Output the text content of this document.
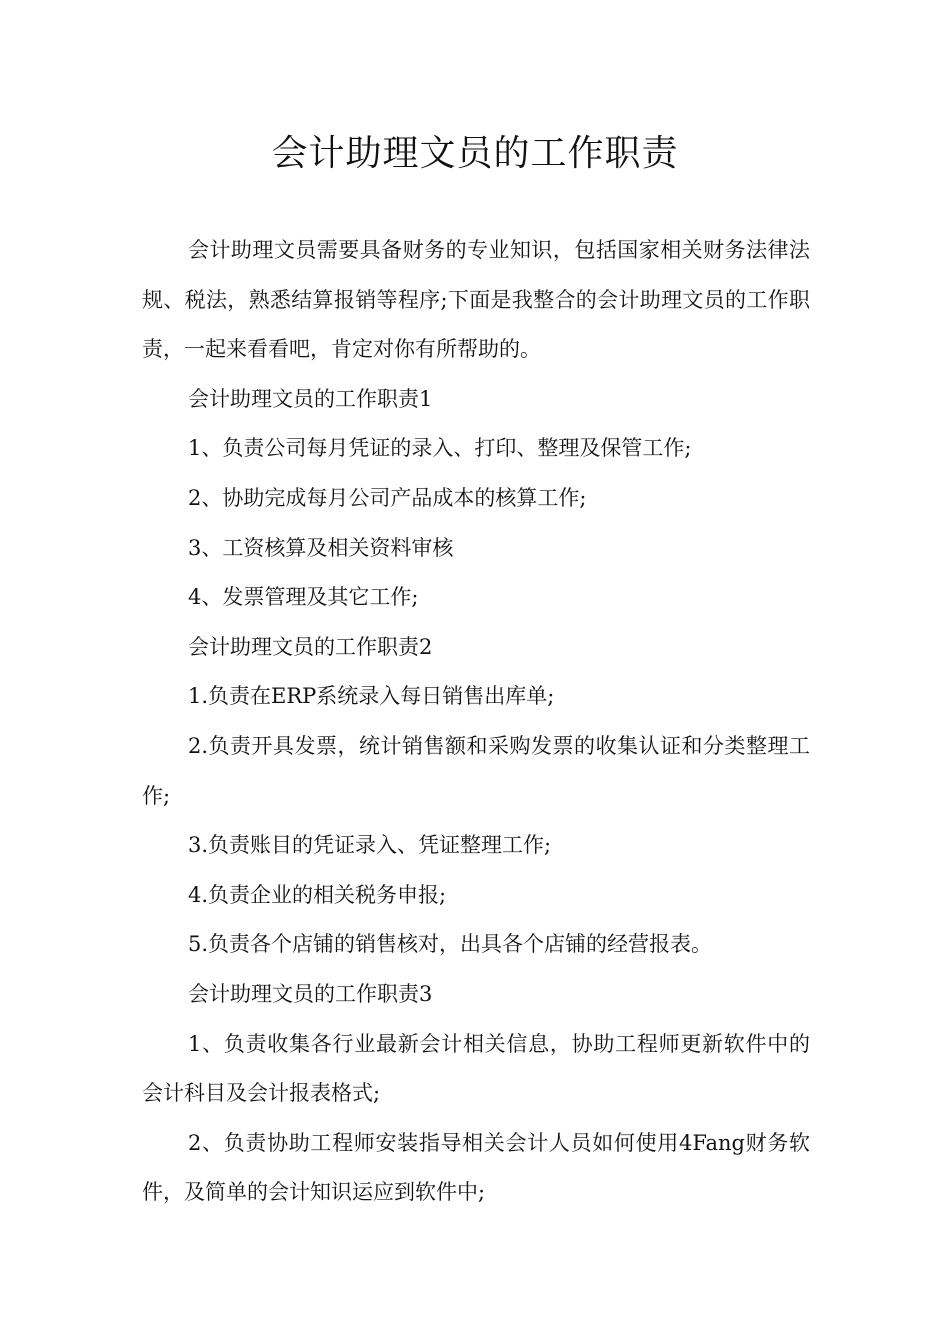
会计助理文员的工作职责

会计助理文员需要具备财务的专业知识，包括国家相关财务法律法规、税法，熟悉结算报销等程序;下面是我整合的会计助理文员的工作职责，一起来看看吧，肯定对你有所帮助的。

会计助理文员的工作职责1

1、负责公司每月凭证的录入、打印、整理及保管工作;

2、协助完成每月公司产品成本的核算工作;

3、工资核算及相关资料审核

4、发票管理及其它工作;

会计助理文员的工作职责2

1.负责在ERP系统录入每日销售出库单;

2.负责开具发票，统计销售额和采购发票的收集认证和分类整理工作;

3.负责账目的凭证录入、凭证整理工作;

4.负责企业的相关税务申报;

5.负责各个店铺的销售核对，出具各个店铺的经营报表。

会计助理文员的工作职责3

1、负责收集各行业最新会计相关信息，协助工程师更新软件中的会计科目及会计报表格式;

2、负责协助工程师安装指导相关会计人员如何使用4Fang财务软件，及简单的会计知识运应到软件中;
